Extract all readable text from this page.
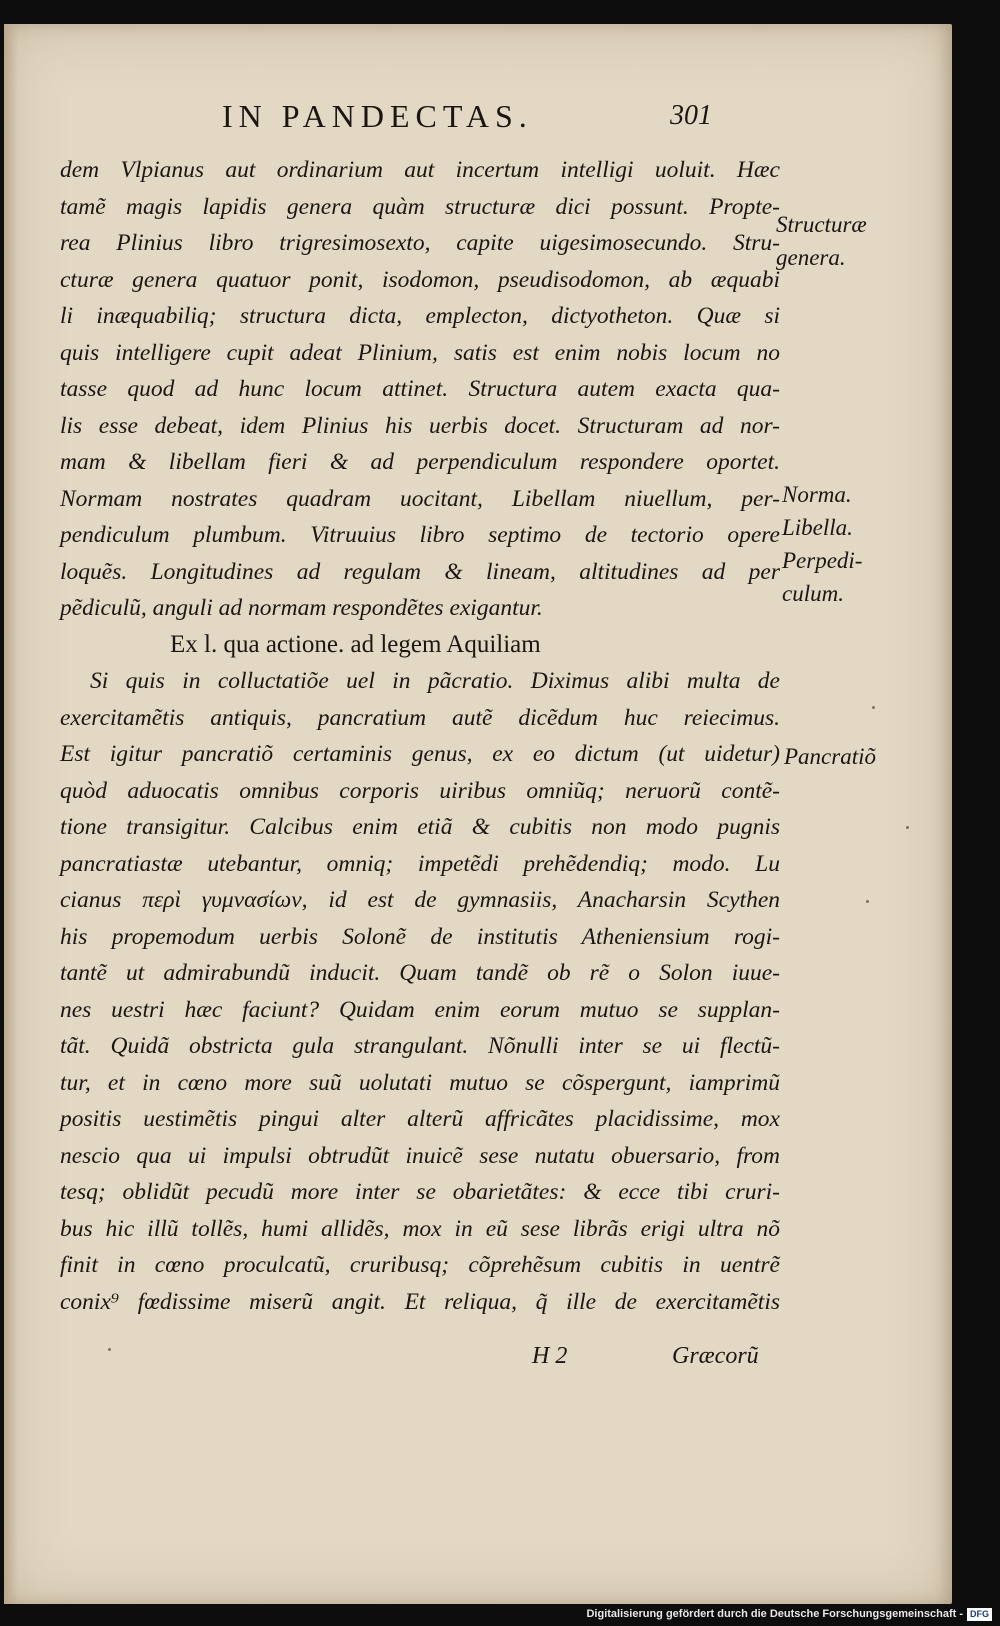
IN PANDECTAS.	301
dem Vlpianus aut ordinarium aut incertum intelligi uoluit. Hæc
tamẽ magis lapidis genera quàm structuræ dici possunt. Propte-
rea Plinius libro trigresimosexto, capite uigesimosecundo. Stru-
cturæ genera quatuor ponit, isodomon, pseudisodomon, ab æquabi
li inæquabiliq; structura dicta, emplecton, dictyotheton. Quæ si
quis intelligere cupit adeat Plinium, satis est enim nobis locum no
tasse quod ad hunc locum attinet. Structura autem exacta qua-
lis esse debeat, idem Plinius his uerbis docet. Structuram ad nor-
mam & libellam fieri & ad perpendiculum respondere oportet.
Normam nostrates quadram uocitant, Libellam niuellum, per-
pendiculum plumbum. Vitruuius libro septimo de tectorio opere
loquẽs. Longitudines ad regulam & lineam, altitudines ad per
pẽdiculũ, anguli ad normam respondẽtes exigantur.
Ex l. qua actione. ad legem Aquiliam
Si quis in colluctatiõe uel in pãcratio. Diximus alibi multa de
exercitamẽtis antiquis, pancratium autẽ dicẽdum huc reiecimus.
Est igitur pancratiõ certaminis genus, ex eo dictum (ut uidetur)
quòd aduocatis omnibus corporis uiribus omniũq; neruorũ contẽ-
tione transigitur. Calcibus enim etiã & cubitis non modo pugnis
pancratiastæ utebantur, omniq; impetẽdi prehẽdendiq; modo. Lu
cianus περὶ γυμνασίων, id est de gymnasiis, Anacharsin Scythen
his propemodum uerbis Solonẽ de institutis Atheniensium rogi-
tantẽ ut admirabundũ inducit. Quam tandẽ ob rẽ o Solon iuue-
nes uestri hæc faciunt? Quidam enim eorum mutuo se supplan-
tãt. Quidã obstricta gula strangulant. Nõnulli inter se ui flectũ-
tur, et in cœno more suũ uolutati mutuo se cõspergunt, iamprimũ
positis uestimẽtis pingui alter alterũ affricãtes placidissime, mox
nescio qua ui impulsi obtrudũt inuicẽ sese nutatu obuersario, from
tesq; oblidũt pecudũ more inter se obarietãtes: & ecce tibi cruri-
bus hic illũ tollẽs, humi allidẽs, mox in eũ sese librãs erigi ultra nõ
finit in cœno proculcatũ, cruribusq; cõprehẽsum cubitis in uentrẽ
conix⁹ fœdissime miserũ angit. Et reliqua, q̃ ille de exercitamẽtis
Structuræ
genera.
Norma.
Libella.
Perpedi-
culum.
Pancratiõ
H 2	Græcorũ
Digitalisierung gefördert durch die Deutsche Forschungsgemeinschaft - DFG
